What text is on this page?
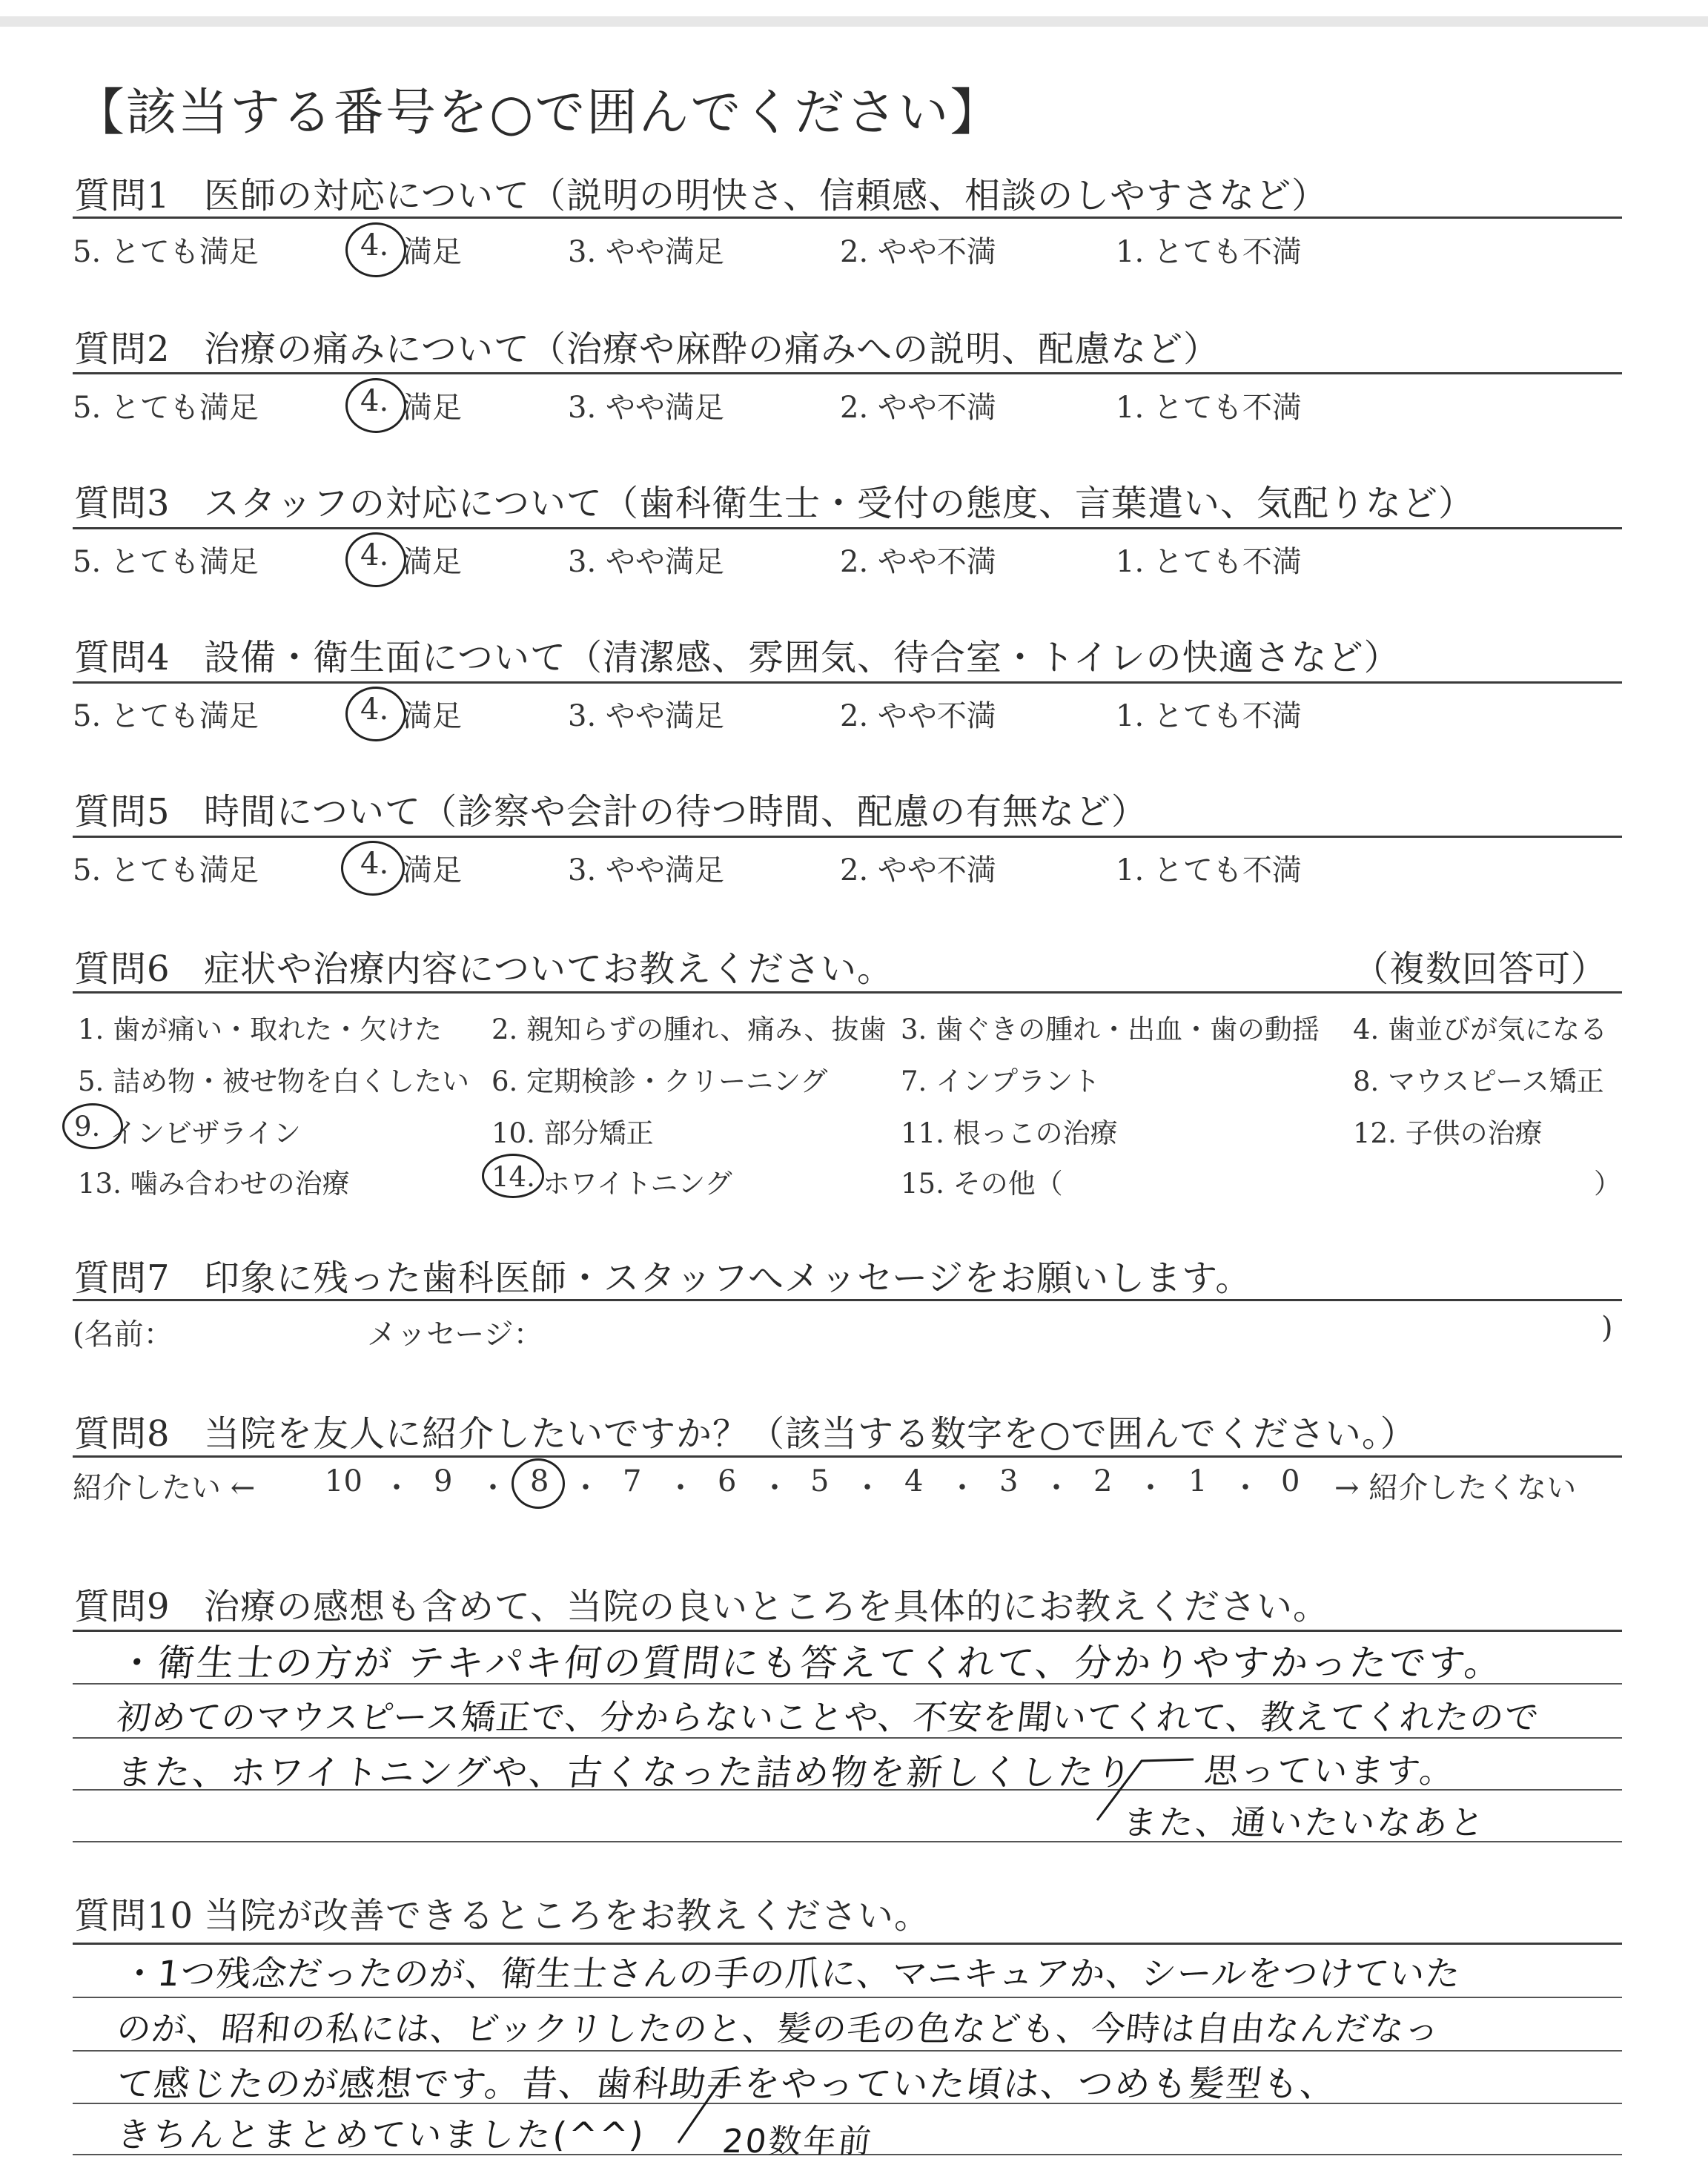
【該当する番号を○で囲んでください】
質問1 医師の対応について（説明の明快さ、信頼感、相談のしやすさなど）
5. とても満足	4. 満足	3. やや満足	2. やや不満	1. とても不満
質問2 治療の痛みについて（治療や麻酔の痛みへの説明、配慮など）
5. とても満足	4. 満足	3. やや満足	2. やや不満	1. とても不満
質問3 スタッフの対応について（歯科衛生士・受付の態度、言葉遣い、気配りなど）
5. とても満足	4. 満足	3. やや満足	2. やや不満	1. とても不満
質問4 設備・衛生面について（清潔感、雰囲気、待合室・トイレの快適さなど）
5. とても満足	4. 満足	3. やや満足	2. やや不満	1. とても不満
質問5 時間について（診察や会計の待つ時間、配慮の有無など）
5. とても満足	4. 満足	3. やや満足	2. やや不満	1. とても不満
質問6 症状や治療内容についてお教えください。	（複数回答可）
1. 歯が痛い・取れた・欠けた 2. 親知らずの腫れ、痛み、抜歯 3. 歯ぐきの腫れ・出血・歯の動揺 4. 歯並びが気になる
5. 詰め物・被せ物を白くしたい 6. 定期検診・クリーニング	7. インプラント	8. マウスピース矯正
9. インビザライン	10. 部分矯正	11. 根っこの治療	12. 子供の治療
13. 噛み合わせの治療	14. ホワイトニング	15. その他（	）
質問7 印象に残った歯科医師・スタッフへメッセージをお願いします。
(名前：	メッセージ：	)
質問8 当院を友人に紹介したいですか？（該当する数字を○で囲んでください。）
紹介したい ← 10 ・ 9 ・ 8 ・ 7 ・ 6 ・ 5 ・ 4 ・ 3 ・ 2 ・ 1 ・ 0 → 紹介したくない
質問9 治療の感想も含めて、当院の良いところを具体的にお教えください。
・衛生士の方が テキパキ何の質問にも答えてくれて、分かりやすかったです。
初めてのマウスピース矯正で、分からないことや、不安を聞いてくれて、教えてくれたので
また、ホワイトニングや、古くなった詰め物を新しくしたり 思っています。
また、通いたいなあと
質問10 当院が改善できるところをお教えください。
・1つ残念だったのが、衛生士さんの手の爪に、マニキュアか、シールをつけていた
のが、昭和の私には、ビックリしたのと、髪の毛の色なども、今時は自由なんだなっ
て感じたのが感想です。昔、歯科助手をやっていた頃は、つめも髪型も、
きちんとまとめていました(^^) 20数年前
